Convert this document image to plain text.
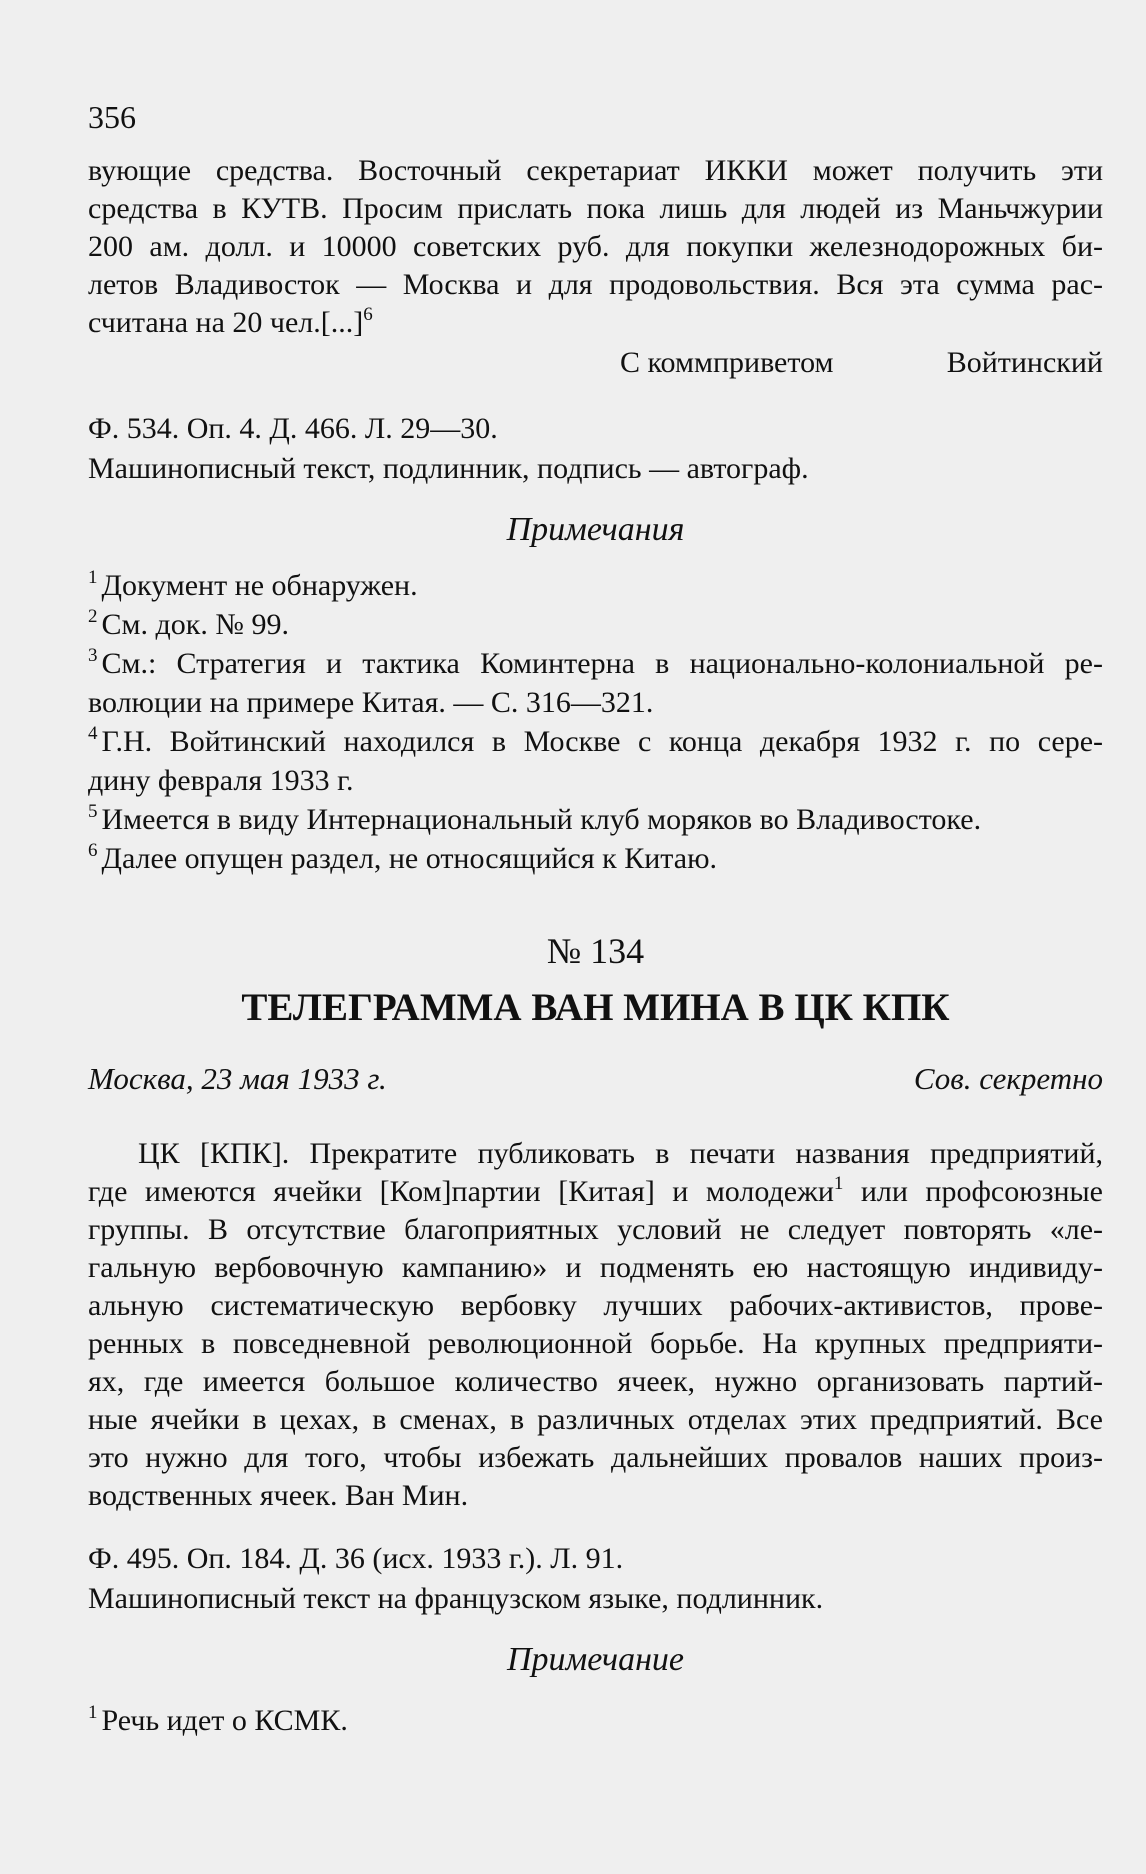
356
вующие средства. Восточный секретариат ИККИ может получить эти
средства в КУТВ. Просим прислать пока лишь для людей из Маньчжурии
200 ам. долл. и 10000 советских руб. для покупки железнодорожных би-
летов Владивосток — Москва и для продовольствия. Вся эта сумма рас-
считана на 20 чел.[...]$^6$
С коммприветом	Войтинский
Ф. 534. Оп. 4. Д. 466. Л. 29—30.
Машинописный текст, подлинник, подпись — автограф.
Примечания
$^1$ Документ не обнаружен.
$^2$ См. док. № 99.
$^3$ См.: Стратегия и тактика Коминтерна в национально-колониальной ре-
волюции на примере Китая. — С. 316—321.
$^4$ Г.Н. Войтинский находился в Москве с конца декабря 1932 г. по сере-
дину февраля 1933 г.
$^5$ Имеется в виду Интернациональный клуб моряков во Владивостоке.
$^6$ Далее опущен раздел, не относящийся к Китаю.
№ 134
ТЕЛЕГРАММА ВАН МИНА В ЦК КПК
Москва, 23 мая 1933 г.	Сов. секретно
ЦК [КПК]. Прекратите публиковать в печати названия предприятий,
где имеются ячейки [Ком]партии [Китая] и молодежи$^1$ или профсоюзные
группы. В отсутствие благоприятных условий не следует повторять «ле-
гальную вербовочную кампанию» и подменять ею настоящую индивиду-
альную систематическую вербовку лучших рабочих-активистов, прове-
ренных в повседневной революционной борьбе. На крупных предприяти-
ях, где имеется большое количество ячеек, нужно организовать партий-
ные ячейки в цехах, в сменах, в различных отделах этих предприятий. Все
это нужно для того, чтобы избежать дальнейших провалов наших произ-
водственных ячеек. Ван Мин.
Ф. 495. Оп. 184. Д. 36 (исх. 1933 г.). Л. 91.
Машинописный текст на французском языке, подлинник.
Примечание
$^1$ Речь идет о КСМК.
